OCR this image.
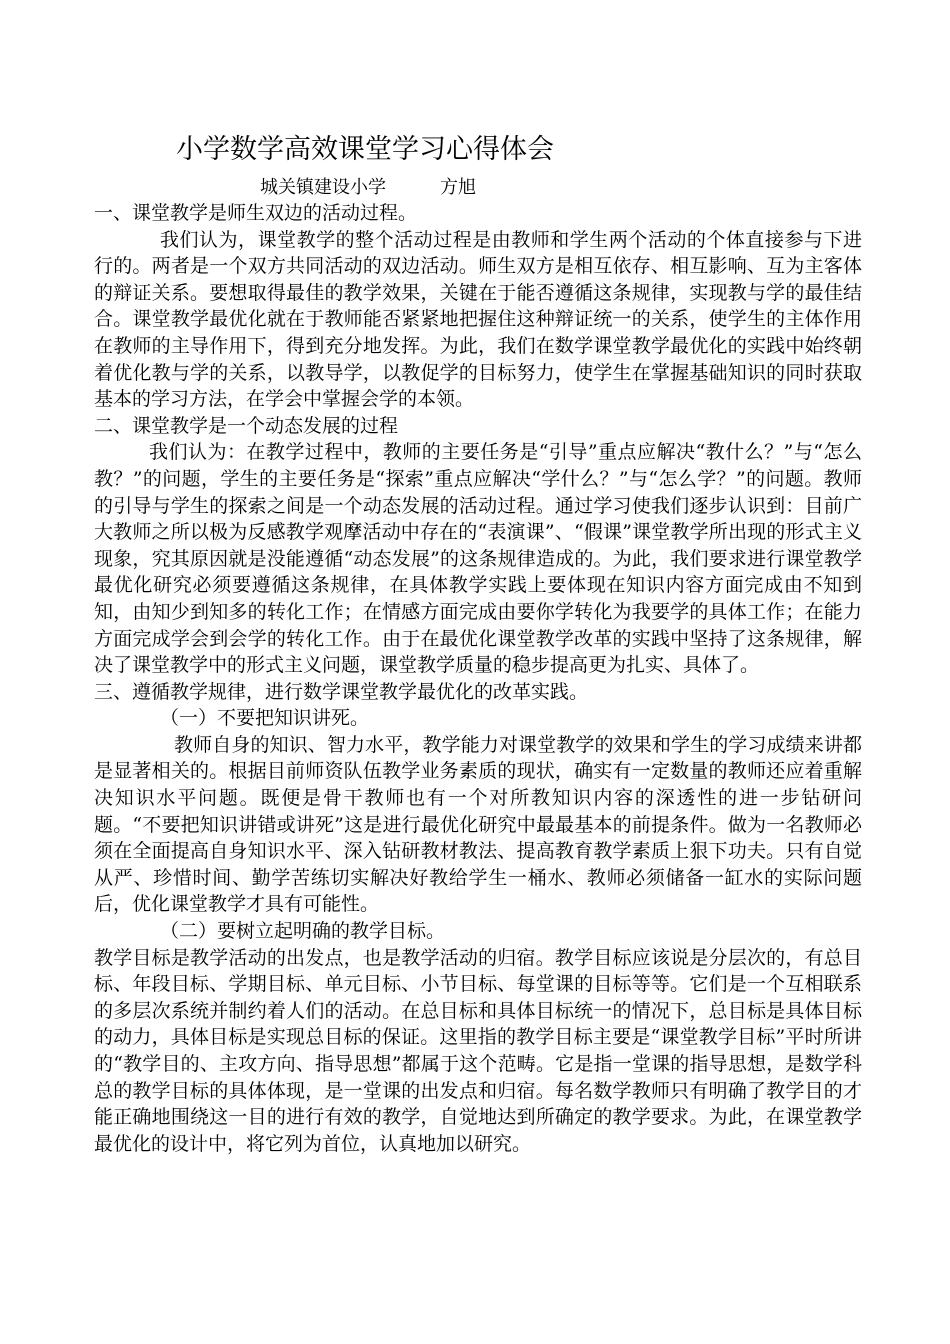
小学数学高效课堂学习心得体会
城关镇建设小学	方旭

一、课堂教学是师生双边的活动过程。

我们认为，课堂教学的整个活动过程是由教师和学生两个活动的个体直接参与下进行的。两者是一个双方共同活动的双边活动。师生双方是相互依存、相互影响、互为主客体的辩证关系。要想取得最佳的教学效果，关键在于能否遵循这条规律，实现教与学的最佳结合。课堂教学最优化就在于教师能否紧紧地把握住这种辩证统一的关系，使学生的主体作用在教师的主导作用下，得到充分地发挥。为此，我们在数学课堂教学最优化的实践中始终朝着优化教与学的关系，以教导学，以教促学的目标努力，使学生在掌握基础知识的同时获取基本的学习方法，在学会中掌握会学的本领。

二、课堂教学是一个动态发展的过程

我们认为：在教学过程中，教师的主要任务是“引导”重点应解决“教什么？”与“怎么教？”的问题，学生的主要任务是“探索”重点应解决“学什么？”与“怎么学？”的问题。教师的引导与学生的探索之间是一个动态发展的活动过程。通过学习使我们逐步认识到：目前广大教师之所以极为反感教学观摩活动中存在的“表演课”、“假课”课堂教学所出现的形式主义现象，究其原因就是没能遵循“动态发展”的这条规律造成的。为此，我们要求进行课堂教学最优化研究必须要遵循这条规律，在具体教学实践上要体现在知识内容方面完成由不知到知，由知少到知多的转化工作；在情感方面完成由要你学转化为我要学的具体工作；在能力方面完成学会到会学的转化工作。由于在最优化课堂教学改革的实践中坚持了这条规律，解决了课堂教学中的形式主义问题，课堂教学质量的稳步提高更为扎实、具体了。

三、遵循教学规律，进行数学课堂教学最优化的改革实践。

（一）不要把知识讲死。

教师自身的知识、智力水平，教学能力对课堂教学的效果和学生的学习成绩来讲都是显著相关的。根据目前师资队伍教学业务素质的现状，确实有一定数量的教师还应着重解决知识水平问题。既便是骨干教师也有一个对所教知识内容的深透性的进一步钻研问题。“不要把知识讲错或讲死”这是进行最优化研究中最最基本的前提条件。做为一名教师必须在全面提高自身知识水平、深入钻研教材教法、提高教育教学素质上狠下功夫。只有自觉从严、珍惜时间、勤学苦练切实解决好教给学生一桶水、教师必须储备一缸水的实际问题后，优化课堂教学才具有可能性。

（二）要树立起明确的教学目标。

教学目标是教学活动的出发点，也是教学活动的归宿。教学目标应该说是分层次的，有总目标、年段目标、学期目标、单元目标、小节目标、每堂课的目标等等。它们是一个互相联系的多层次系统并制约着人们的活动。在总目标和具体目标统一的情况下，总目标是具体目标的动力，具体目标是实现总目标的保证。这里指的教学目标主要是“课堂教学目标”平时所讲的“教学目的、主攻方向、指导思想”都属于这个范畴。它是指一堂课的指导思想，是数学科总的教学目标的具体体现，是一堂课的出发点和归宿。每名数学教师只有明确了教学目的才能正确地围绕这一目的进行有效的教学，自觉地达到所确定的教学要求。为此，在课堂教学最优化的设计中，将它列为首位，认真地加以研究。
